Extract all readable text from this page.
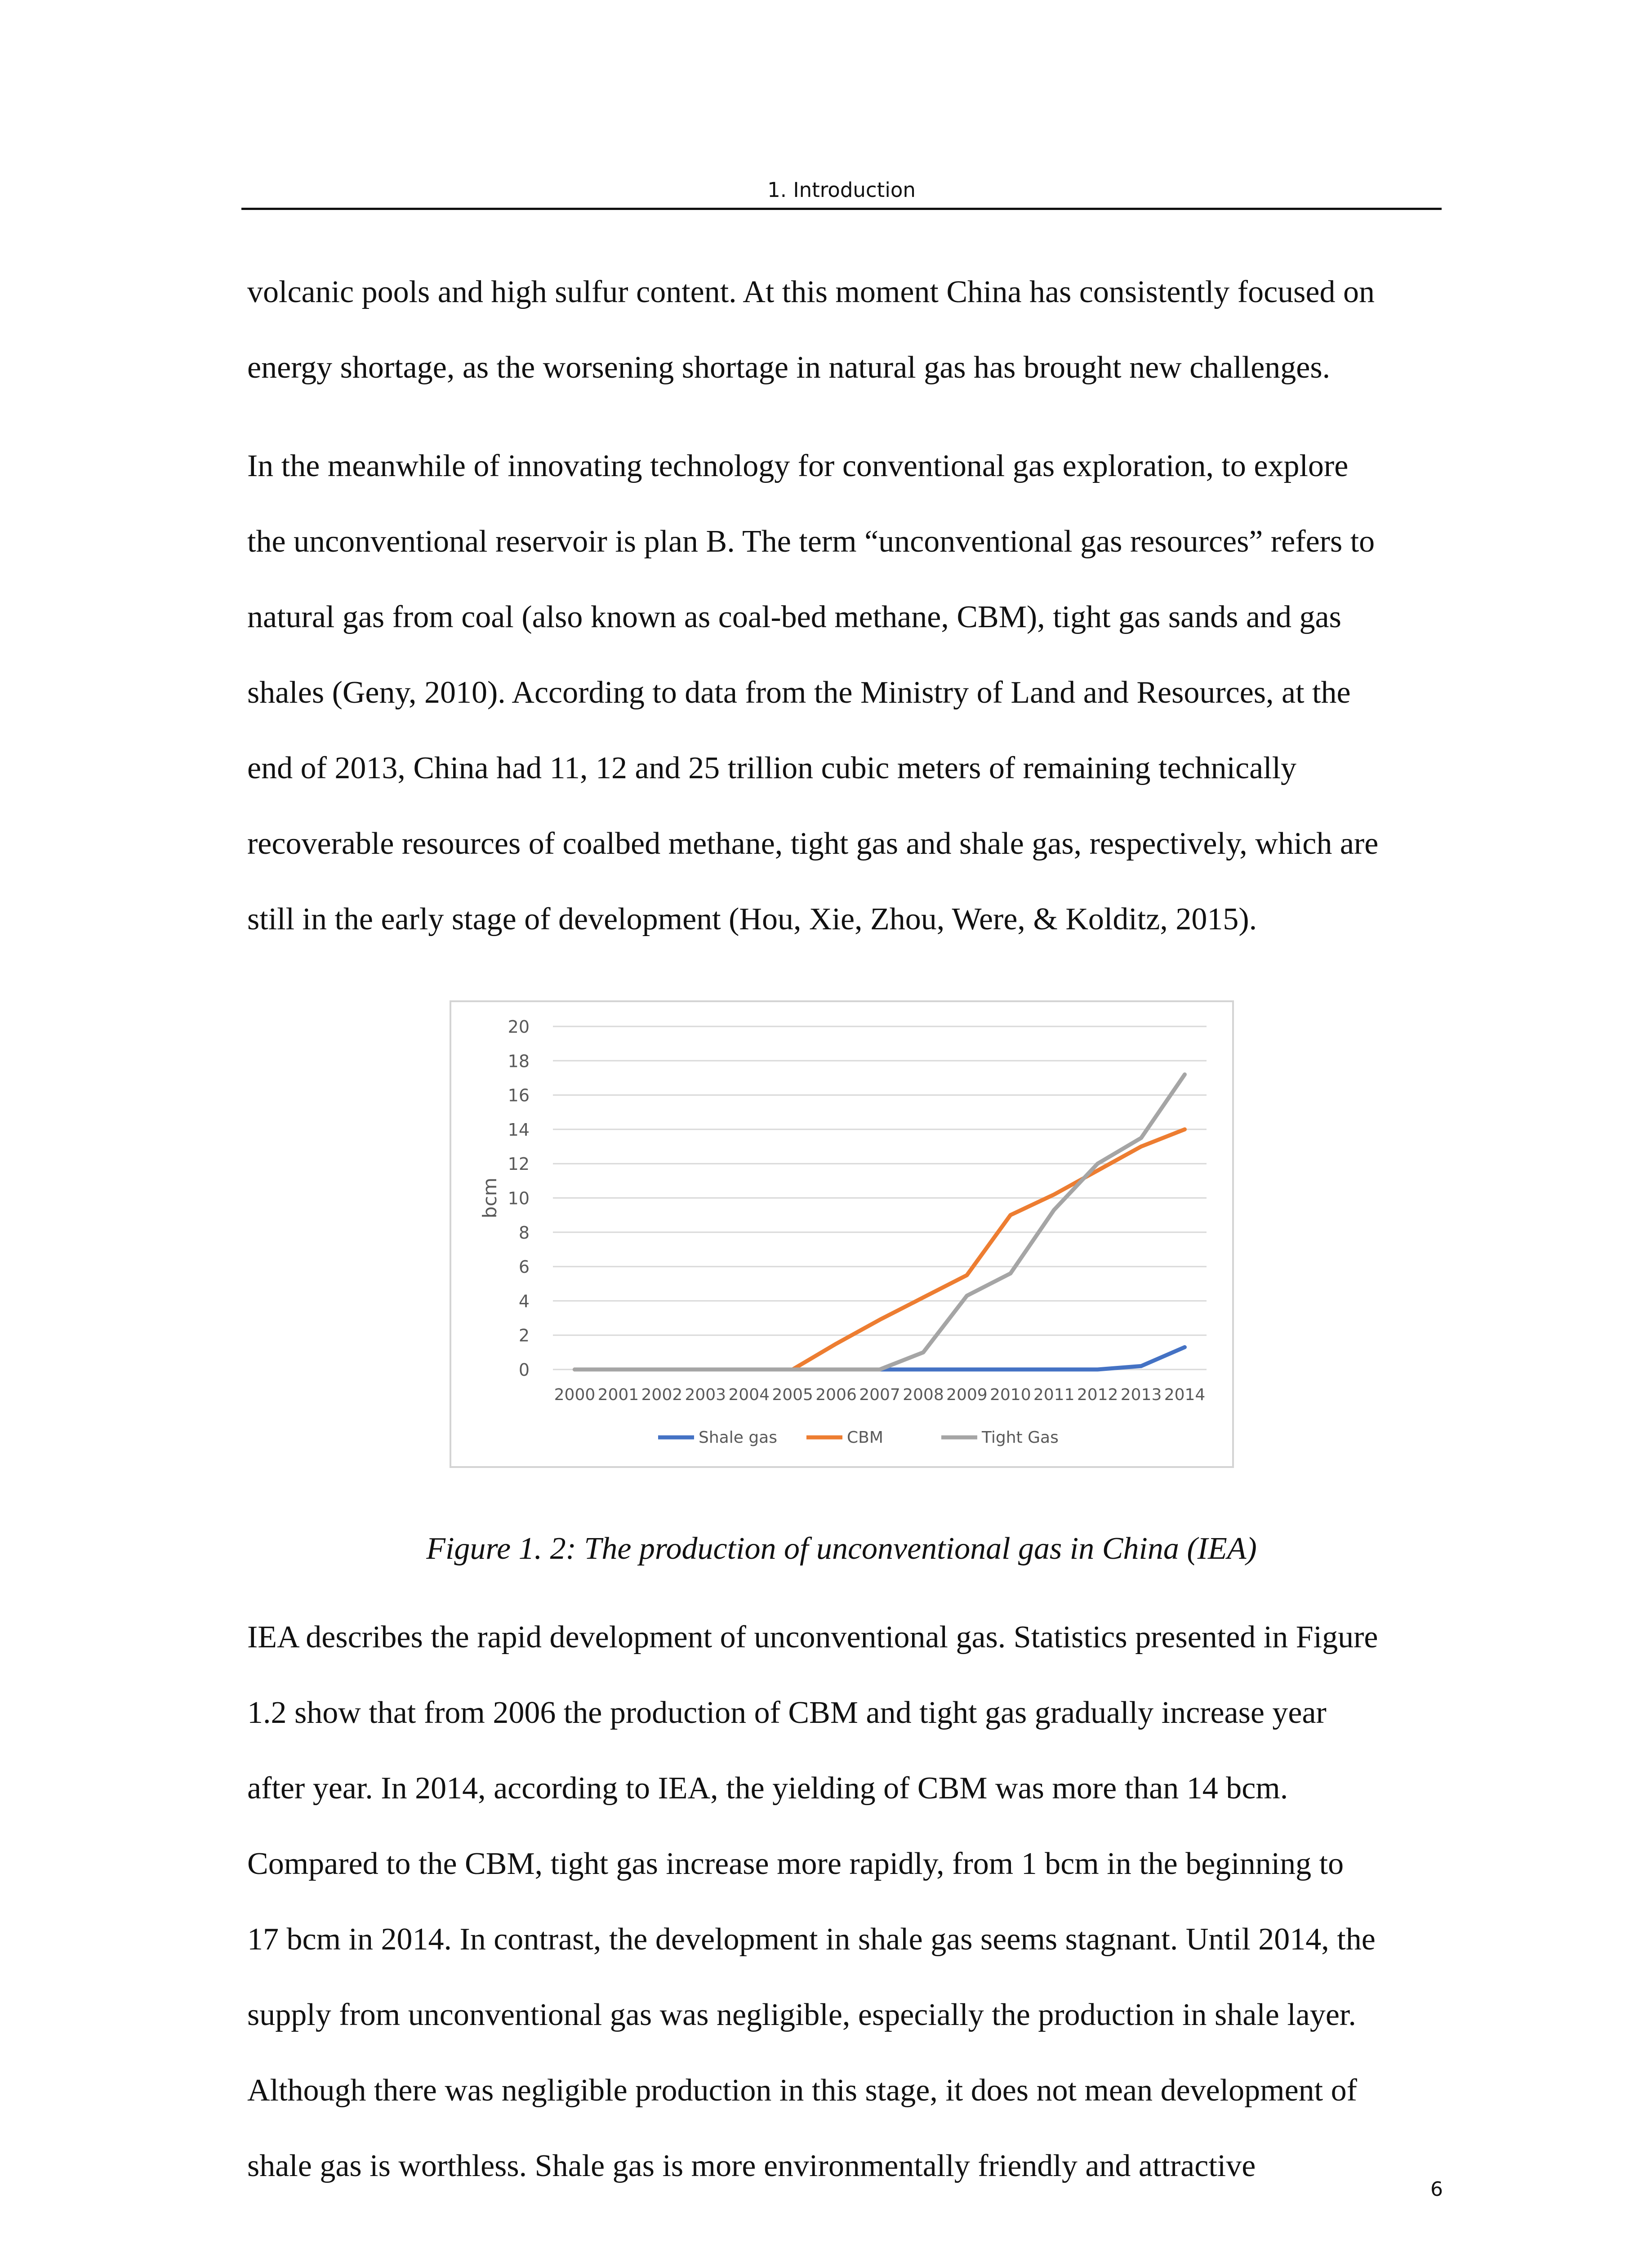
1. Introduction
volcanic pools and high sulfur content. At this moment China has consistently focused on
energy shortage, as the worsening shortage in natural gas has brought new challenges.
In the meanwhile of innovating technology for conventional gas exploration, to explore
the unconventional reservoir is plan B. The term “unconventional gas resources” refers to
natural gas from coal (also known as coal-bed methane, CBM), tight gas sands and gas
shales (Geny, 2010). According to data from the Ministry of Land and Resources, at the
end of 2013, China had 11, 12 and 25 trillion cubic meters of remaining technically
recoverable resources of coalbed methane, tight gas and shale gas, respectively, which are
still in the early stage of development (Hou, Xie, Zhou, Were, & Kolditz, 2015).
0
2
4
6
8
10
12
14
16
18
20
bcm
2000 2001 2002 2003 2004 2005 2006 2007 2008 2009 2010 2011 2012 2013 2014
Shale gas	CBM	Tight Gas
Figure 1. 2: The production of unconventional gas in China (IEA)
IEA describes the rapid development of unconventional gas. Statistics presented in Figure
1.2 show that from 2006 the production of CBM and tight gas gradually increase year
after year. In 2014, according to IEA, the yielding of CBM was more than 14 bcm.
Compared to the CBM, tight gas increase more rapidly, from 1 bcm in the beginning to
17 bcm in 2014. In contrast, the development in shale gas seems stagnant. Until 2014, the
supply from unconventional gas was negligible, especially the production in shale layer.
Although there was negligible production in this stage, it does not mean development of
shale gas is worthless. Shale gas is more environmentally friendly and attractive
6
